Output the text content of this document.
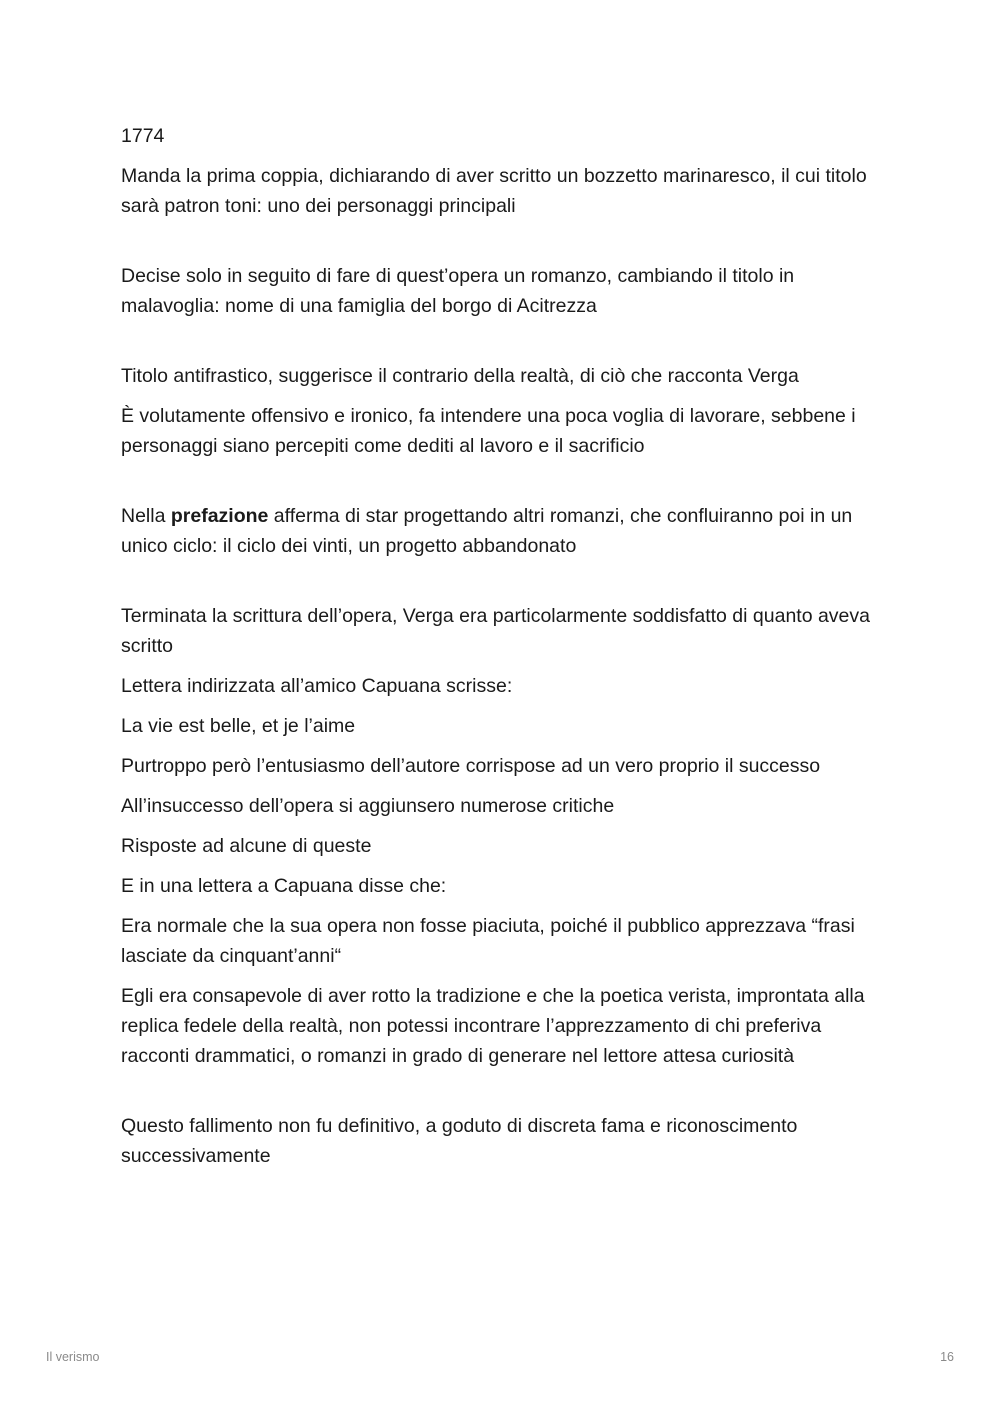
1774

Manda la prima coppia, dichiarando di aver scritto un bozzetto marinaresco, il cui titolo sarà patron toni: uno dei personaggi principali

Decise solo in seguito di fare di quest’opera un romanzo, cambiando il titolo in malavoglia: nome di una famiglia del borgo di Acitrezza

Titolo antifrastico, suggerisce il contrario della realtà, di ciò che racconta Verga

È volutamente offensivo e ironico, fa intendere una poca voglia di lavorare, sebbene i personaggi siano percepiti come dediti al lavoro e il sacrificio

Nella prefazione afferma di star progettando altri romanzi, che confluiranno poi in un unico ciclo: il ciclo dei vinti, un progetto abbandonato

Terminata la scrittura dell’opera, Verga era particolarmente soddisfatto di quanto aveva scritto

Lettera indirizzata all’amico Capuana scrisse:

La vie est belle, et je l’aime

Purtroppo però l’entusiasmo dell’autore corrispose ad un vero proprio il successo

All’insuccesso dell’opera si aggiunsero numerose critiche

Risposte ad alcune di queste

E in una lettera a Capuana disse che:

Era normale che la sua opera non fosse piaciuta, poiché il pubblico apprezzava “frasi lasciate da cinquant’anni“

Egli era consapevole di aver rotto la tradizione e che la poetica verista, improntata alla replica fedele della realtà, non potessi incontrare l’apprezzamento di chi preferiva racconti drammatici, o romanzi in grado di generare nel lettore attesa curiosità

Questo fallimento non fu definitivo, a goduto di discreta fama e riconoscimento successivamente

Il verismo	16
